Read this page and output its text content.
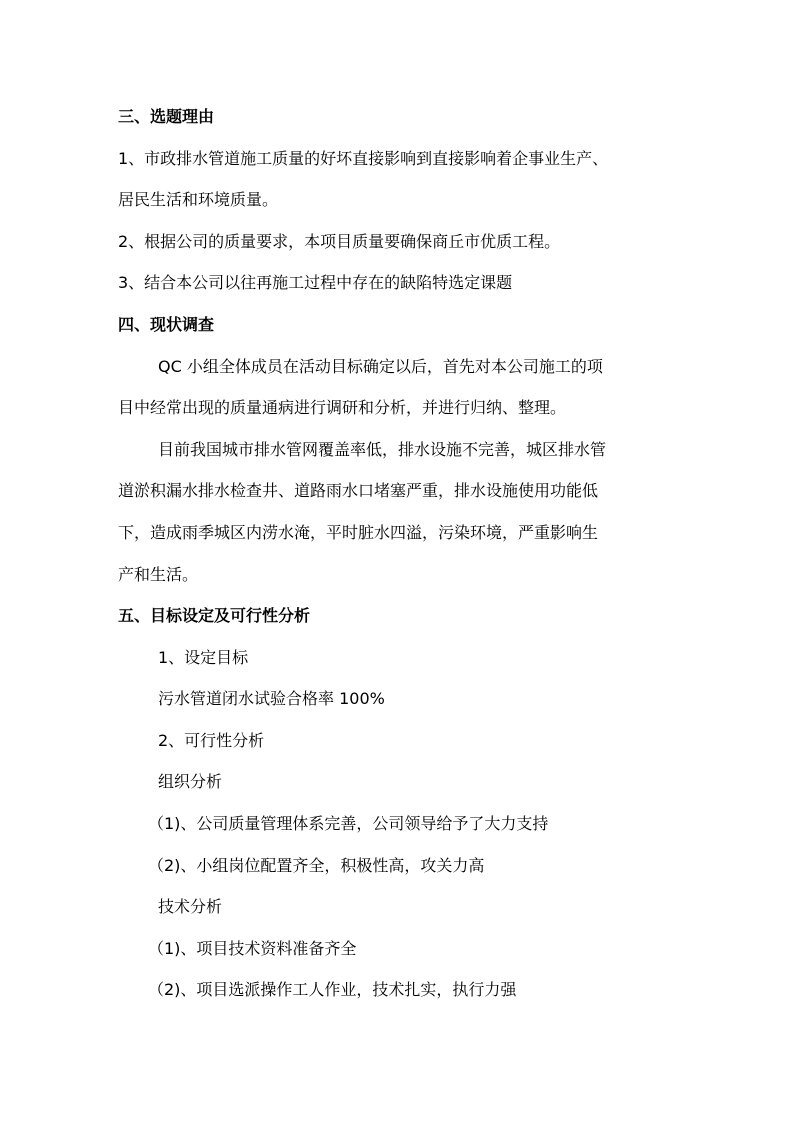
三、选题理由
1、市政排水管道施工质量的好坏直接影响到直接影响着企事业生产、
居民生活和环境质量。
2、根据公司的质量要求，本项目质量要确保商丘市优质工程。
3、结合本公司以往再施工过程中存在的缺陷特选定课题
四、现状调查
QC 小组全体成员在活动目标确定以后，首先对本公司施工的项
目中经常出现的质量通病进行调研和分析，并进行归纳、整理。
目前我国城市排水管网覆盖率低，排水设施不完善，城区排水管
道淤积漏水排水检查井、道路雨水口堵塞严重，排水设施使用功能低
下，造成雨季城区内涝水淹，平时脏水四溢，污染环境，严重影响生
产和生活。
五、目标设定及可行性分析
1、设定目标
污水管道闭水试验合格率 100%
2、可行性分析
组织分析
（1)、公司质量管理体系完善，公司领导给予了大力支持
（2)、小组岗位配置齐全，积极性高，攻关力高
技术分析
（1)、项目技术资料准备齐全
（2)、项目选派操作工人作业，技术扎实，执行力强
